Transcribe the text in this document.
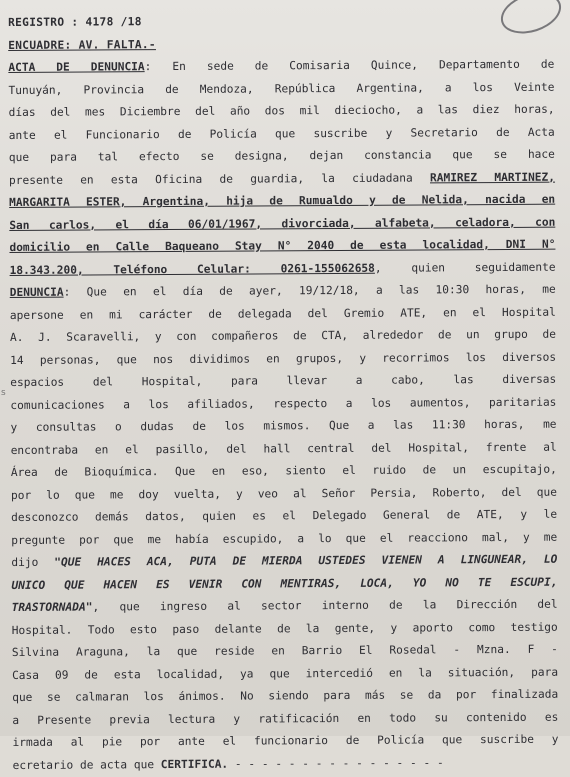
s
REGISTRO : 4178 /18
ENCUADRE: AV. FALTA.-
ACTA DE DENUNCIA: En sede de Comisaria Quince, Departamento de
Tunuyán, Provincia de Mendoza, República Argentina, a los Veinte
días del mes Diciembre del año dos mil dieciocho, a las diez horas,
ante el Funcionario de Policía que suscribe y Secretario de Acta
que para tal efecto se designa, dejan constancia que se hace
presente en esta Oficina de guardia, la ciudadana RAMIREZ MARTINEZ,
MARGARITA ESTER, Argentina, hija de Rumualdo y de Nelida, nacida en
San carlos, el día 06/01/1967, divorciada, alfabeta, celadora, con
domicilio en Calle Baqueano Stay N° 2040 de esta localidad, DNI N°
18.343.200, Teléfono Celular: 0261-155062658, quien seguidamente
DENUNCIA: Que en el día de ayer, 19/12/18, a las 10:30 horas, me
apersone en mi carácter de delegada del Gremio ATE, en el Hospital
A. J. Scaravelli, y con compañeros de CTA, alrededor de un grupo de
14 personas, que nos dividimos en grupos, y recorrimos los diversos
espacios del Hospital, para llevar a cabo, las diversas
comunicaciones a los afiliados, respecto a los aumentos, paritarias
y consultas o dudas de los mismos. Que a las 11:30 horas, me
encontraba en el pasillo, del hall central del Hospital, frente al
Área de Bioquímica. Que en eso, siento el ruido de un escupitajo,
por lo que me doy vuelta, y veo al Señor Persia, Roberto, del que
desconozco demás datos, quien es el Delegado General de ATE, y le
pregunte por que me había escupido, a lo que el reacciono mal, y me
dijo "QUE HACES ACA, PUTA DE MIERDA USTEDES VIENEN A LINGUNEAR, LO
UNICO QUE HACEN ES VENIR CON MENTIRAS, LOCA, YO NO TE ESCUPI,
TRASTORNADA", que ingreso al sector interno de la Dirección del
Hospital. Todo esto paso delante de la gente, y aporto como testigo
Silvina Araguna, la que reside en Barrio El Rosedal - Mzna. F -
Casa 09 de esta localidad, ya que intercedió en la situación, para
que se calmaran los ánimos. No siendo para más se da por finalizada
a Presente previa lectura y ratificación en todo su contenido es
irmada al pie por ante el funcionario de Policía que suscribe y
ecretario de acta que CERTIFICA. - - - - - - - - - - - - - - - -
